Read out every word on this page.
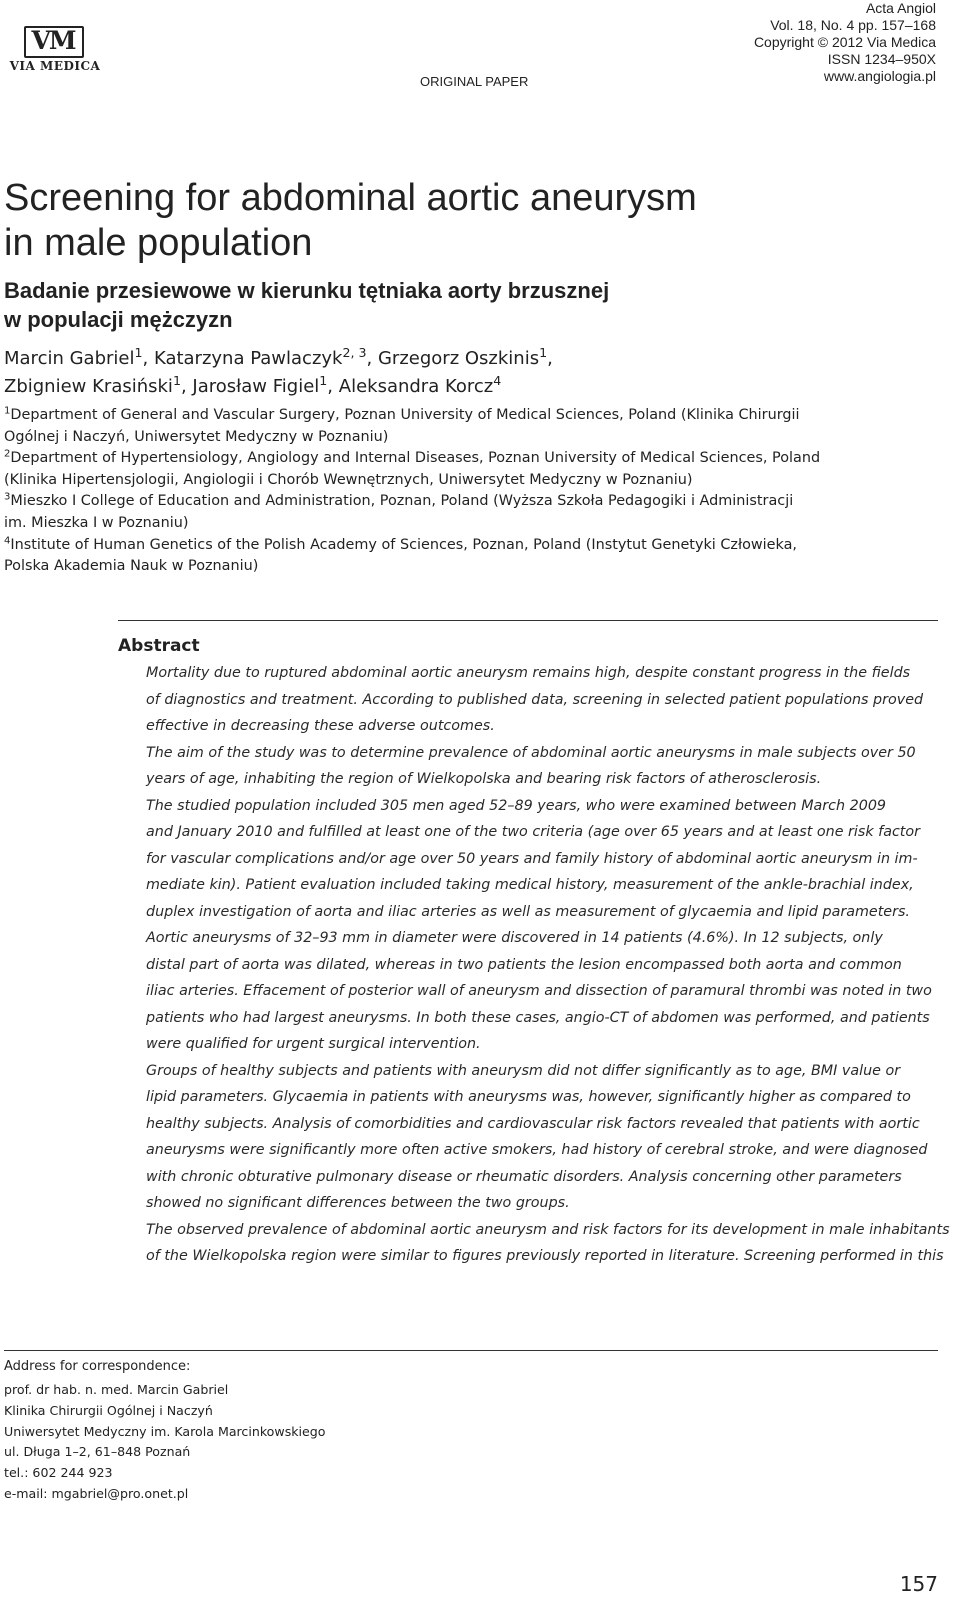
VM
VIA MEDICA
ORIGINAL PAPER
Acta Angiol
Vol. 18, No. 4 pp. 157–168
Copyright © 2012 Via Medica
ISSN 1234–950X
www.angiologia.pl
Screening for abdominal aortic aneurysm
in male population
Badanie przesiewowe w kierunku tętniaka aorty brzusznej
w populacji mężczyzn
Marcin Gabriel$^1$, Katarzyna Pawlaczyk$^{2, 3}$, Grzegorz Oszkinis$^1$,
Zbigniew Krasiński$^1$, Jarosław Figiel$^1$, Aleksandra Korcz$^4$
$^1$Department of General and Vascular Surgery, Poznan University of Medical Sciences, Poland (Klinika Chirurgii
Ogólnej i Naczyń, Uniwersytet Medyczny w Poznaniu)
$^2$Department of Hypertensiology, Angiology and Internal Diseases, Poznan University of Medical Sciences, Poland
(Klinika Hipertensjologii, Angiologii i Chorób Wewnętrznych, Uniwersytet Medyczny w Poznaniu)
$^3$Mieszko I College of Education and Administration, Poznan, Poland (Wyższa Szkoła Pedagogiki i Administracji
im. Mieszka I w Poznaniu)
$^4$Institute of Human Genetics of the Polish Academy of Sciences, Poznan, Poland (Instytut Genetyki Człowieka,
Polska Akademia Nauk w Poznaniu)
Abstract
Mortality due to ruptured abdominal aortic aneurysm remains high, despite constant progress in the fields
of diagnostics and treatment. According to published data, screening in selected patient populations proved
effective in decreasing these adverse outcomes.
The aim of the study was to determine prevalence of abdominal aortic aneurysms in male subjects over 50
years of age, inhabiting the region of Wielkopolska and bearing risk factors of atherosclerosis.
The studied population included 305 men aged 52–89 years, who were examined between March 2009
and January 2010 and fulfilled at least one of the two criteria (age over 65 years and at least one risk factor
for vascular complications and/or age over 50 years and family history of abdominal aortic aneurysm in im-
mediate kin). Patient evaluation included taking medical history, measurement of the ankle-brachial index,
duplex investigation of aorta and iliac arteries as well as measurement of glycaemia and lipid parameters.
Aortic aneurysms of 32–93 mm in diameter were discovered in 14 patients (4.6%). In 12 subjects, only
distal part of aorta was dilated, whereas in two patients the lesion encompassed both aorta and common
iliac arteries. Effacement of posterior wall of aneurysm and dissection of paramural thrombi was noted in two
patients who had largest aneurysms. In both these cases, angio-CT of abdomen was performed, and patients
were qualified for urgent surgical intervention.
Groups of healthy subjects and patients with aneurysm did not differ significantly as to age, BMI value or
lipid parameters. Glycaemia in patients with aneurysms was, however, significantly higher as compared to
healthy subjects. Analysis of comorbidities and cardiovascular risk factors revealed that patients with aortic
aneurysms were significantly more often active smokers, had history of cerebral stroke, and were diagnosed
with chronic obturative pulmonary disease or rheumatic disorders. Analysis concerning other parameters
showed no significant differences between the two groups.
The observed prevalence of abdominal aortic aneurysm and risk factors for its development in male inhabitants
of the Wielkopolska region were similar to figures previously reported in literature. Screening performed in this
Address for correspondence:
prof. dr hab. n. med. Marcin Gabriel
Klinika Chirurgii Ogólnej i Naczyń
Uniwersytet Medyczny im. Karola Marcinkowskiego
ul. Długa 1–2, 61–848 Poznań
tel.: 602 244 923
e-mail: mgabriel@pro.onet.pl
157
